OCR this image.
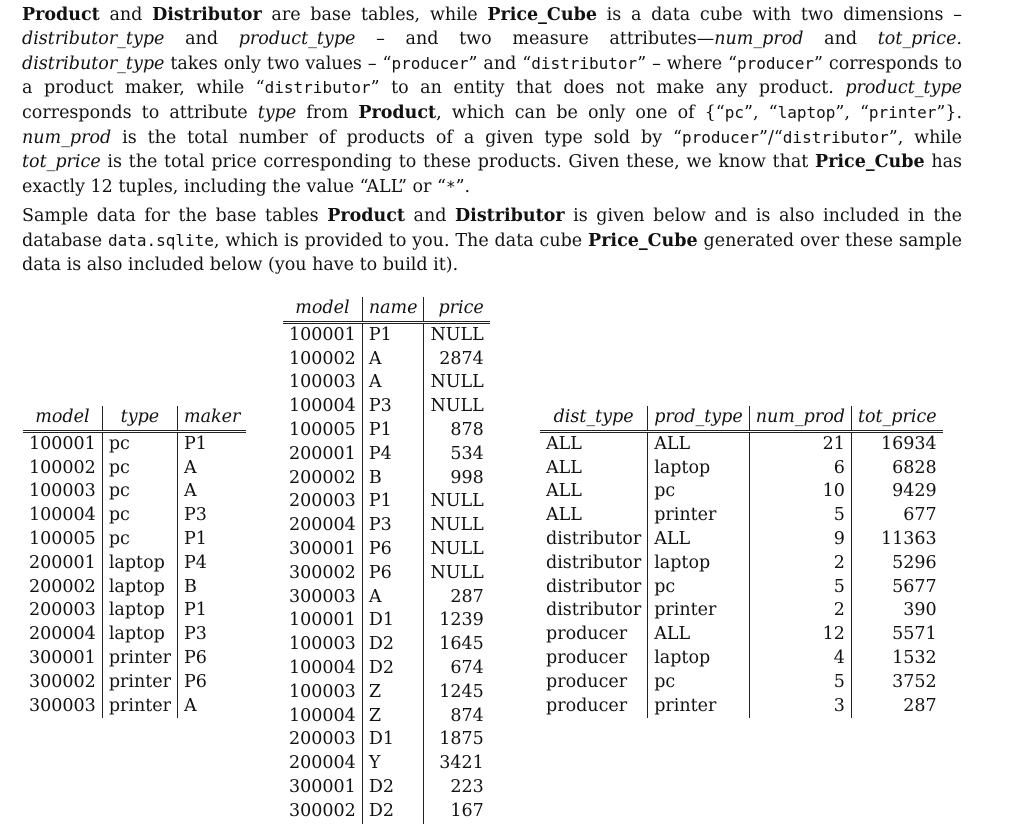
Product and Distributor are base tables, while Price_Cube is a data cube with two dimensions – distributor_type and product_type – and two measure attributes—num_prod and tot_price. distributor_type takes only two values – “producer” and “distributor” – where “producer” corresponds to a product maker, while “distributor” to an entity that does not make any product. product_type corresponds to attribute type from Product, which can be only one of {“pc”, “laptop”, “printer”}. num_prod is the total number of products of a given type sold by “producer”/“distributor”, while tot_price is the total price corresponding to these products. Given these, we know that Price_Cube has exactly 12 tuples, including the value “ALL” or “*”.

Sample data for the base tables Product and Distributor is given below and is also included in the database data.sqlite, which is provided to you. The data cube Price_Cube generated over these sample data is also included below (you have to build it).

model	type	maker
100001	pc	P1
100002	pc	A
100003	pc	A
100004	pc	P3
100005	pc	P1
200001	laptop	P4
200002	laptop	B
200003	laptop	P1
200004	laptop	P3
300001	printer	P6
300002	printer	P6
300003	printer	A
model	name	price
100001	P1	NULL
100002	A	2874
100003	A	NULL
100004	P3	NULL
100005	P1	878
200001	P4	534
200002	B	998
200003	P1	NULL
200004	P3	NULL
300001	P6	NULL
300002	P6	NULL
300003	A	287
100001	D1	1239
100003	D2	1645
100004	D2	674
100003	Z	1245
100004	Z	874
200003	D1	1875
200004	Y	3421
300001	D2	223
300002	D2	167
dist_type	prod_type	num_prod	tot_price
ALL	ALL	21	16934
ALL	laptop	6	6828
ALL	pc	10	9429
ALL	printer	5	677
distributor	ALL	9	11363
distributor	laptop	2	5296
distributor	pc	5	5677
distributor	printer	2	390
producer	ALL	12	5571
producer	laptop	4	1532
producer	pc	5	3752
producer	printer	3	287
